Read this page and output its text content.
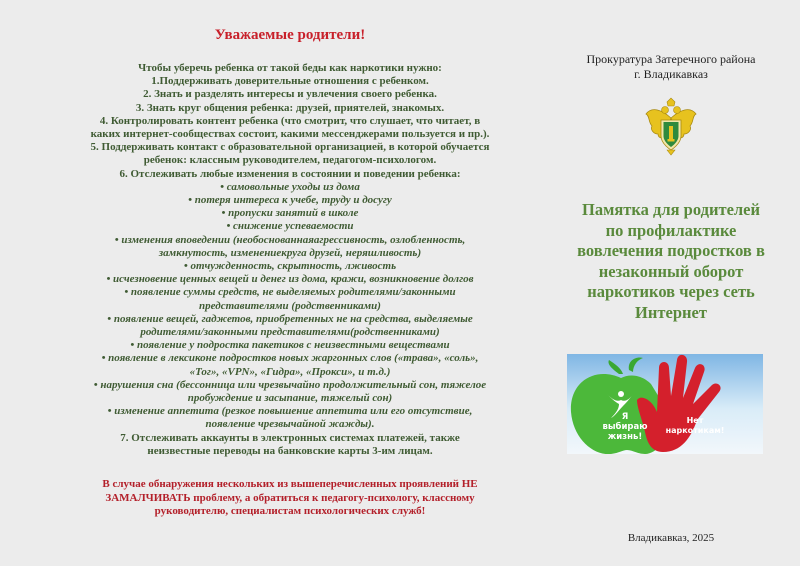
Уважаемые родители!
Чтобы уберечь ребенка от такой беды как наркотики нужно:
1.Поддерживать доверительные отношения с ребенком.
2. Знать и разделять интересы и увлечения своего ребенка.
3. Знать круг общения ребенка: друзей, приятелей, знакомых.
4. Контролировать контент ребенка (что смотрит, что слушает, что читает, в
каких интернет-сообществах состоит, какими мессенджерами пользуется и пр.).
5. Поддерживать контакт с образовательной организацией, в которой обучается
ребенок: классным руководителем, педагогом-психологом.
6. Отслеживать любые изменения в состоянии и поведении ребенка:
• самовольные уходы из дома
• потеря интереса к учебе, труду и досугу
• пропуски занятий в школе
• снижение успеваемости
• изменения вповедении (необоснованнаяагрессивность, озлобленность,
замкнутость, изменениекруга друзей, неряшливость)
• отчужденность, скрытность, лживость
• исчезновение ценных вещей и денег из дома, кражи, возникновение долгов
• появление суммы средств, не выделяемых родителями/законными
представителями (родственниками)
• появление вещей, гаджетов, приобретенных не на средства, выделяемые
родителями/законными представителями(родственниками)
• появление у подростка пакетиков с неизвестными веществами
• появление в лексиконе подростков новых жаргонных слов («трава», «соль»,
«Тог», «VPN», «Гидра», «Прокси», и т.д.)
• нарушения сна (бессонница или чрезвычайно продолжительный сон, тяжелое
пробуждение и засыпание, тяжелый сон)
• изменение аппетита (резкое повышение аппетита или его отсутствие,
появление чрезвычайной жажды).
7. Отслеживать аккаунты в электронных системах платежей, также
неизвестные переводы на банковские карты 3-им лицам.
В случае обнаружения нескольких из вышеперечисленных проявлений НЕ
ЗАМАЛЧИВАТЬ проблему, а обратиться к педагогу-психологу, классному
руководителю, специалистам психологических служб!
Прокуратура Затеречного района
г. Владикавказ
Памятка для родителей
по профилактике
вовлечения подростков в
незаконный оборот
наркотиков через сеть
Интернет
Я
выбираю
жизнь!
Нет
наркотикам!
Владикавказ, 2025
